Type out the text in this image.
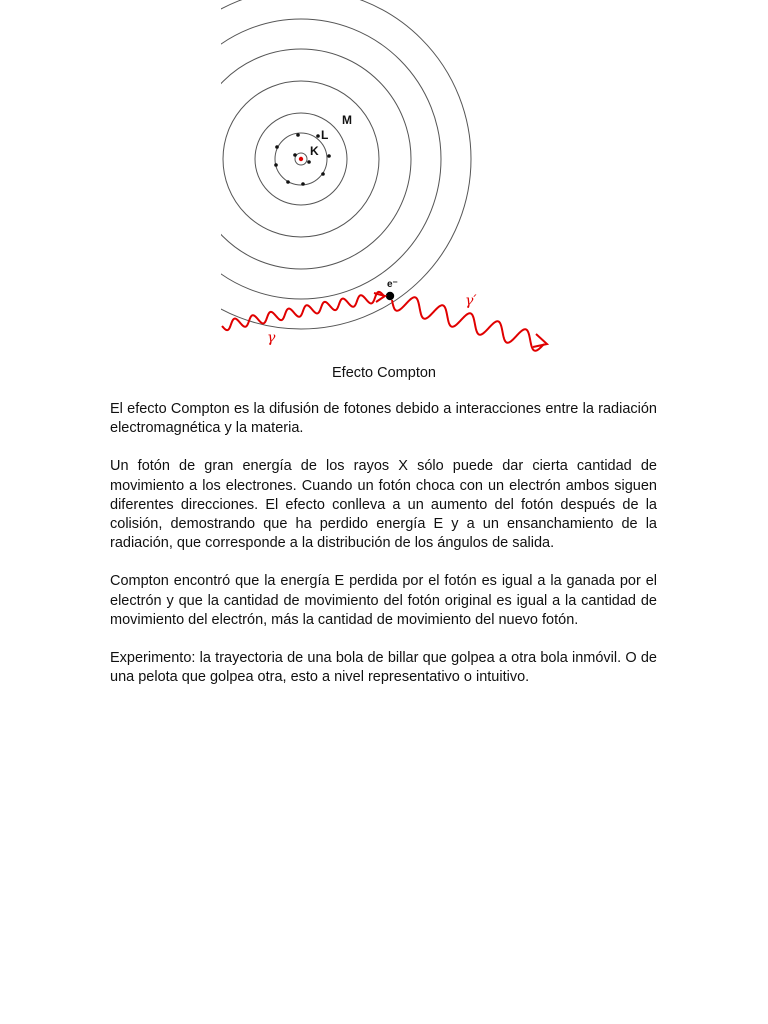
K
L
M
e⁻
γ
γ′
Efecto Compton

El efecto Compton es la difusión de fotones debido a interacciones entre la radiación electromagnética y la materia.

Un fotón de gran energía de los rayos X sólo puede dar cierta cantidad de movimiento a los electrones. Cuando un fotón choca con un electrón ambos siguen diferentes direcciones. El efecto conlleva a un aumento del fotón después de la colisión, demostrando que ha perdido energía E y a un ensanchamiento de la radiación, que corresponde a la distribución de los ángulos de salida.

Compton encontró que la energía E perdida por el fotón es igual a la ganada por el electrón y que la cantidad de movimiento del fotón original es igual a la cantidad de movimiento del electrón, más la cantidad de movimiento del nuevo fotón.

Experimento: la trayectoria de una bola de billar que golpea a otra bola inmóvil. O de una pelota que golpea otra, esto a nivel representativo o intuitivo.
